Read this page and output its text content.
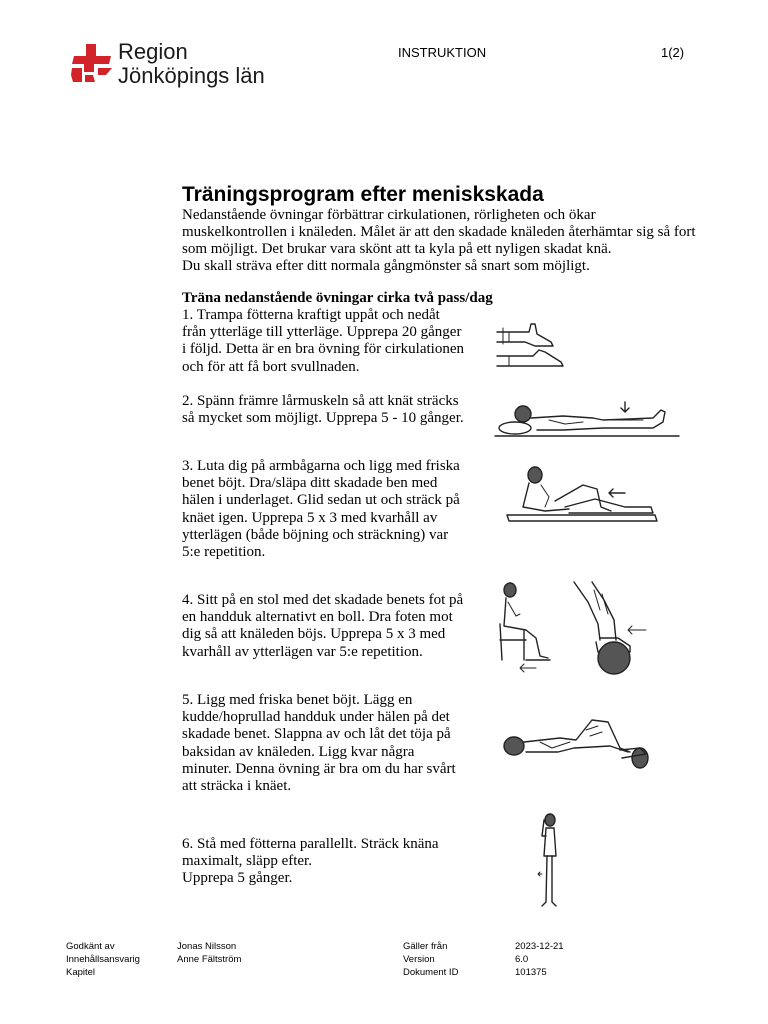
Region
Jönköpings län
INSTRUKTION	1(2)
Träningsprogram efter meniskskada

Nedanstående övningar förbättrar cirkulationen, rörligheten och ökar muskelkontrollen i knäleden. Målet är att den skadade knäleden återhämtar sig så fort som möjligt. Det brukar vara skönt att ta kyla på ett nyligen skadat knä.

Du skall sträva efter ditt normala gångmönster så snart som möjligt.

Träna nedanstående övningar cirka två pass/dag
1. Trampa fötterna kraftigt uppåt och nedåt
från ytterläge till ytterläge. Upprepa 20 gånger
i följd. Detta är en bra övning för cirkulationen
och för att få bort svullnaden.
2. Spänn främre lårmuskeln så att knät sträcks
så mycket som möjligt. Upprepa 5 - 10 gånger.
3. Luta dig på armbågarna och ligg med friska
benet böjt. Dra/släpa ditt skadade ben med
hälen i underlaget. Glid sedan ut och sträck på
knäet igen. Upprepa 5 x 3 med kvarhåll av
ytterlägen (både böjning och sträckning) var
5:e repetition.
4. Sitt på en stol med det skadade benets fot på
en handduk alternativt en boll. Dra foten mot
dig så att knäleden böjs. Upprepa 5 x 3 med
kvarhåll av ytterlägen var 5:e repetition.
5. Ligg med friska benet böjt. Lägg en
kudde/hoprullad handduk under hälen på det
skadade benet. Slappna av och låt det töja på
baksidan av knäleden. Ligg kvar några
minuter. Denna övning är bra om du har svårt
att sträcka i knäet.
6. Stå med fötterna parallellt. Sträck knäna
maximalt, släpp efter.
Upprepa 5 gånger.
Godkänt av
Innehållsansvarig
Kapitel
Jonas Nilsson
Anne Fältström
Gäller från
Version
Dokument ID
2023-12-21
6.0
101375
